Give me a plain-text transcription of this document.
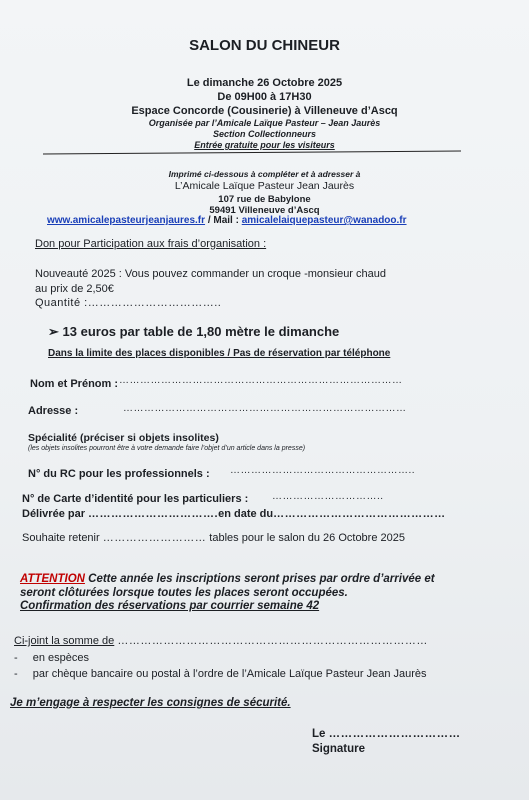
SALON DU CHINEUR
Le dimanche 26 Octobre 2025
De 09H00 à 17H30
Espace Concorde (Cousinerie) à Villeneuve d’Ascq
Organisée par l’Amicale Laïque Pasteur – Jean Jaurès
Section Collectionneurs
Entrée gratuite pour les visiteurs
Imprimé ci-dessous à compléter et à adresser à
L’Amicale Laïque Pasteur Jean Jaurès
107 rue de Babylone
59491 Villeneuve d’Ascq
www.amicalepasteurjeanjaures.fr / Mail : amicalelaiquepasteur@wanadoo.fr
Don pour Participation aux frais d’organisation :
Nouveauté 2025 : Vous pouvez commander un croque -monsieur chaud
au prix de 2,50€
Quantité :……………………………..
➢ 13 euros par table de 1,80 mètre le dimanche
Dans la limite des places disponibles / Pas de réservation par téléphone
Nom et Prénom : ………………………………………………………………………
Adresse :	………………………………………………………………………
Spécialité (préciser si objets insolites)
(les objets insolites pourront être à votre demande faire l’objet d’un article dans la presse)
N° du RC pour les professionnels : ……………………………………………..
N° de Carte d’identité pour les particuliers : …………………………..
Délivrée par …………………………….en date du………………………………………
Souhaite retenir ……………………… tables pour le salon du 26 Octobre 2025
ATTENTION Cette année les inscriptions seront prises par ordre d’arrivée et
seront clôturées lorsque toutes les places seront occupées.
Confirmation des réservations par courrier semaine 42
Ci-joint la somme de ………………………………………………………………………
- en espèces
- par chèque bancaire ou postal à l’ordre de l’Amicale Laïque Pasteur Jean Jaurès
Je m’engage à respecter les consignes de sécurité.
Le ……………………………
Signature
